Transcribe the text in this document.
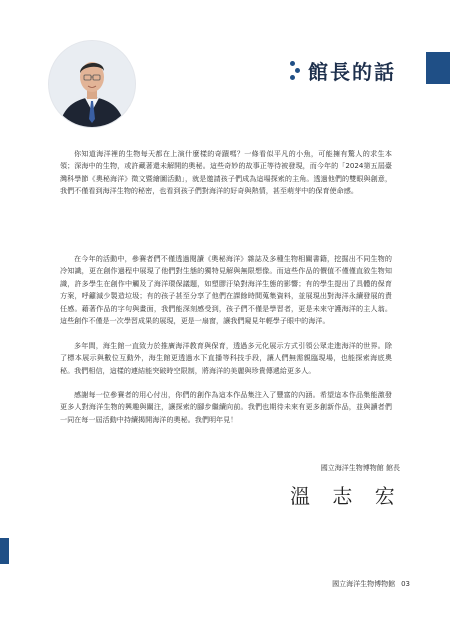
館長的話

你知道海洋裡的生物每天都在上演什麼樣的奇蹟嗎？一條看似平凡的小魚，可能擁有驚人的求生本領；深海中的生物，或許藏著還未解開的奧秘。這些奇妙的故事正等待被發現，而今年的「2024第五屆臺灣科學節《奧秘海洋》徵文暨繪圖活動」，就是邀請孩子們成為這場探索的主角。透過他們的雙眼與創意，我們不僅看到海洋生物的秘密，也看到孩子們對海洋的好奇與熱情，甚至萌芽中的保育使命感。

在今年的活動中，參賽者們不僅透過閱讀《奧秘海洋》雜誌及多種生物相關書籍，挖掘出不同生物的冷知識，更在創作過程中展現了他們對生態的獨特見解與無限想像。而這些作品的價值不僅僅直敘生物知識，許多學生在創作中觸及了海洋環保議題，如塑膠汙染對海洋生態的影響；有的學生提出了具體的保育方案，呼籲減少製造垃圾；有的孩子甚至分享了他們在課餘時間蒐集資料，並展現出對海洋永續發展的責任感。藉著作品的字句與畫面，我們能深刻感受到，孩子們不僅是學習者，更是未來守護海洋的主人翁。這些創作不僅是一次學習成果的展現，更是一扇窗，讓我們窺見年輕學子眼中的海洋。

多年間，海生館一直致力於推廣海洋教育與保育，透過多元化展示方式引領公眾走進海洋的世界。除了標本展示與數位互動外，海生館更透過水下直播等科技手段，讓人們無需親臨現場，也能探索海底奧秘。我們相信，這樣的連結能突破時空限制，將海洋的美麗與珍貴傳遞給更多人。

感謝每一位參賽者的用心付出，你們的創作為這本作品集注入了豐富的內涵。希望這本作品集能激發更多人對海洋生物的興趣與關注，讓探索的腳步繼續向前。我們也期待未來有更多創新作品，並與讀者們一同在每一屆活動中持續揭開海洋的奧秘。我們明年見！

國立海洋生物博物館 館長
溫 志 宏
國立海洋生物博物館 03
